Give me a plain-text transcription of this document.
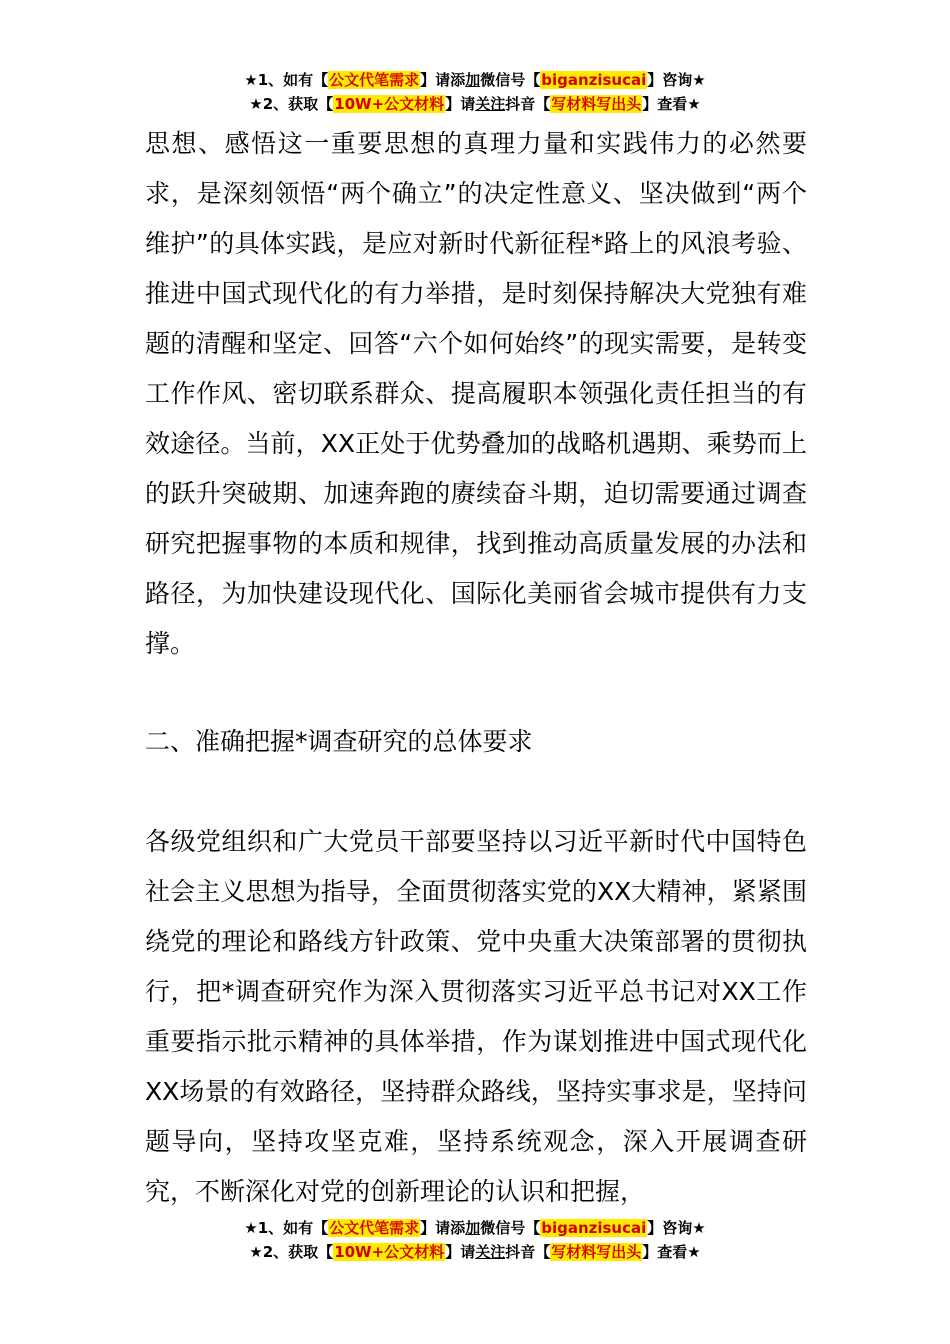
★1、如有【公文代笔需求】请添加微信号【biganzisucai】咨询★
★2、获取【10W+公文材料】请关注抖音【写材料写出头】查看★

思想、感悟这一重要思想的真理力量和实践伟力的必然要求，是深刻领悟“两个确立”的决定性意义、坚决做到“两个维护”的具体实践，是应对新时代新征程*路上的风浪考验、推进中国式现代化的有力举措，是时刻保持解决大党独有难题的清醒和坚定、回答“六个如何始终”的现实需要，是转变工作作风、密切联系群众、提高履职本领强化责任担当的有效途径。当前，XX正处于优势叠加的战略机遇期、乘势而上的跃升突破期、加速奔跑的赓续奋斗期，迫切需要通过调查研究把握事物的本质和规律，找到推动高质量发展的办法和路径，为加快建设现代化、国际化美丽省会城市提供有力支撑。

二、准确把握*调查研究的总体要求

各级党组织和广大党员干部要坚持以习近平新时代中国特色社会主义思想为指导，全面贯彻落实党的XX大精神，紧紧围绕党的理论和路线方针政策、党中央重大决策部署的贯彻执行，把*调查研究作为深入贯彻落实习近平总书记对XX工作重要指示批示精神的具体举措，作为谋划推进中国式现代化XX场景的有效路径，坚持群众路线，坚持实事求是，坚持问题导向，坚持攻坚克难，坚持系统观念，深入开展调查研究，不断深化对党的创新理论的认识和把握，

★1、如有【公文代笔需求】请添加微信号【biganzisucai】咨询★
★2、获取【10W+公文材料】请关注抖音【写材料写出头】查看★
